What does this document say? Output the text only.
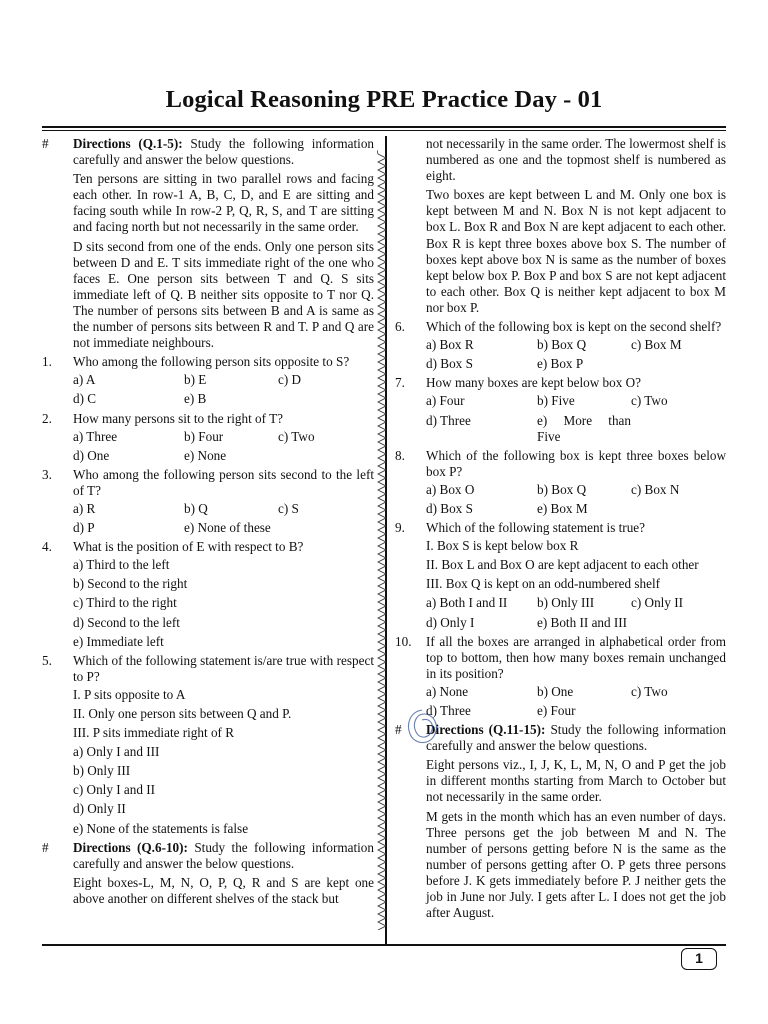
Logical Reasoning PRE Practice Day - 01
#	Directions (Q.1-5): Study the following information carefully and answer the below questions.

Ten persons are sitting in two parallel rows and facing each other. In row-1 A, B, C, D, and E are sitting and facing south while In row-2 P, Q, R, S, and T are sitting and facing north but not necessarily in the same order.

D sits second from one of the ends. Only one person sits between D and E. T sits immediate right of the one who faces E. One person sits between T and Q. S sits immediate left of Q. B neither sits opposite to T nor Q. The number of persons sits between B and A is same as the number of persons sits between R and T. P and Q are not immediate neighbours.

1.	Who among the following person sits opposite to S?
a) A	b) E	c) D
d) C	e) B
2.	How many persons sit to the right of T?
a) Three	b) Four	c) Two
d) One	e) None
3.	Who among the following person sits second to the left of T?
a) R	b) Q	c) S
d) P	e) None of these
4.	What is the position of E with respect to B?
a) Third to the left
b) Second to the right
c) Third to the right
d) Second to the left
e) Immediate left
5.	Which of the following statement is/are true with respect to P?
I. P sits opposite to A
II. Only one person sits between Q and P.
III. P sits immediate right of R
a) Only I and III
b) Only III
c) Only I and II
d) Only II
e) None of the statements is false
#	Directions (Q.6-10): Study the following information carefully and answer the below questions.

Eight boxes-L, M, N, O, P, Q, R and S are kept one above another on different shelves of the stack but

not necessarily in the same order. The lowermost shelf is numbered as one and the topmost shelf is numbered as eight.

Two boxes are kept between L and M. Only one box is kept between M and N. Box N is not kept adjacent to box L. Box R and Box N are kept adjacent to each other. Box R is kept three boxes above box S. The number of boxes kept above box N is same as the number of boxes kept below box P. Box P and box S are not kept adjacent to each other. Box Q is neither kept adjacent to box M nor box P.

6.	Which of the following box is kept on the second shelf?
a) Box R	b) Box Q	c) Box M
d) Box S	e) Box P
7.	How many boxes are kept below box O?
a) Four	b) Five	c) Two
d) Three	e) More than Five
8.	Which of the following box is kept three boxes below box P?
a) Box O	b) Box Q	c) Box N
d) Box S	e) Box M
9.	Which of the following statement is true?
I. Box S is kept below box R
II. Box L and Box O are kept adjacent to each other
III. Box Q is kept on an odd-numbered shelf
a) Both I and II	b) Only III	c) Only II
d) Only I	e) Both II and III
10.	If all the boxes are arranged in alphabetical order from top to bottom, then how many boxes remain unchanged in its position?
a) None	b) One	c) Two
d) Three	e) Four
#	Directions (Q.11-15): Study the following information carefully and answer the below questions.

Eight persons viz., I, J, K, L, M, N, O and P get the job in different months starting from March to October but not necessarily in the same order.

M gets in the month which has an even number of days. Three persons get the job between M and N. The number of persons getting before N is the same as the number of persons getting after O. P gets three persons before J. K gets immediately before P. J neither gets the job in June nor July. I gets after L. I does not get the job after August.

1
